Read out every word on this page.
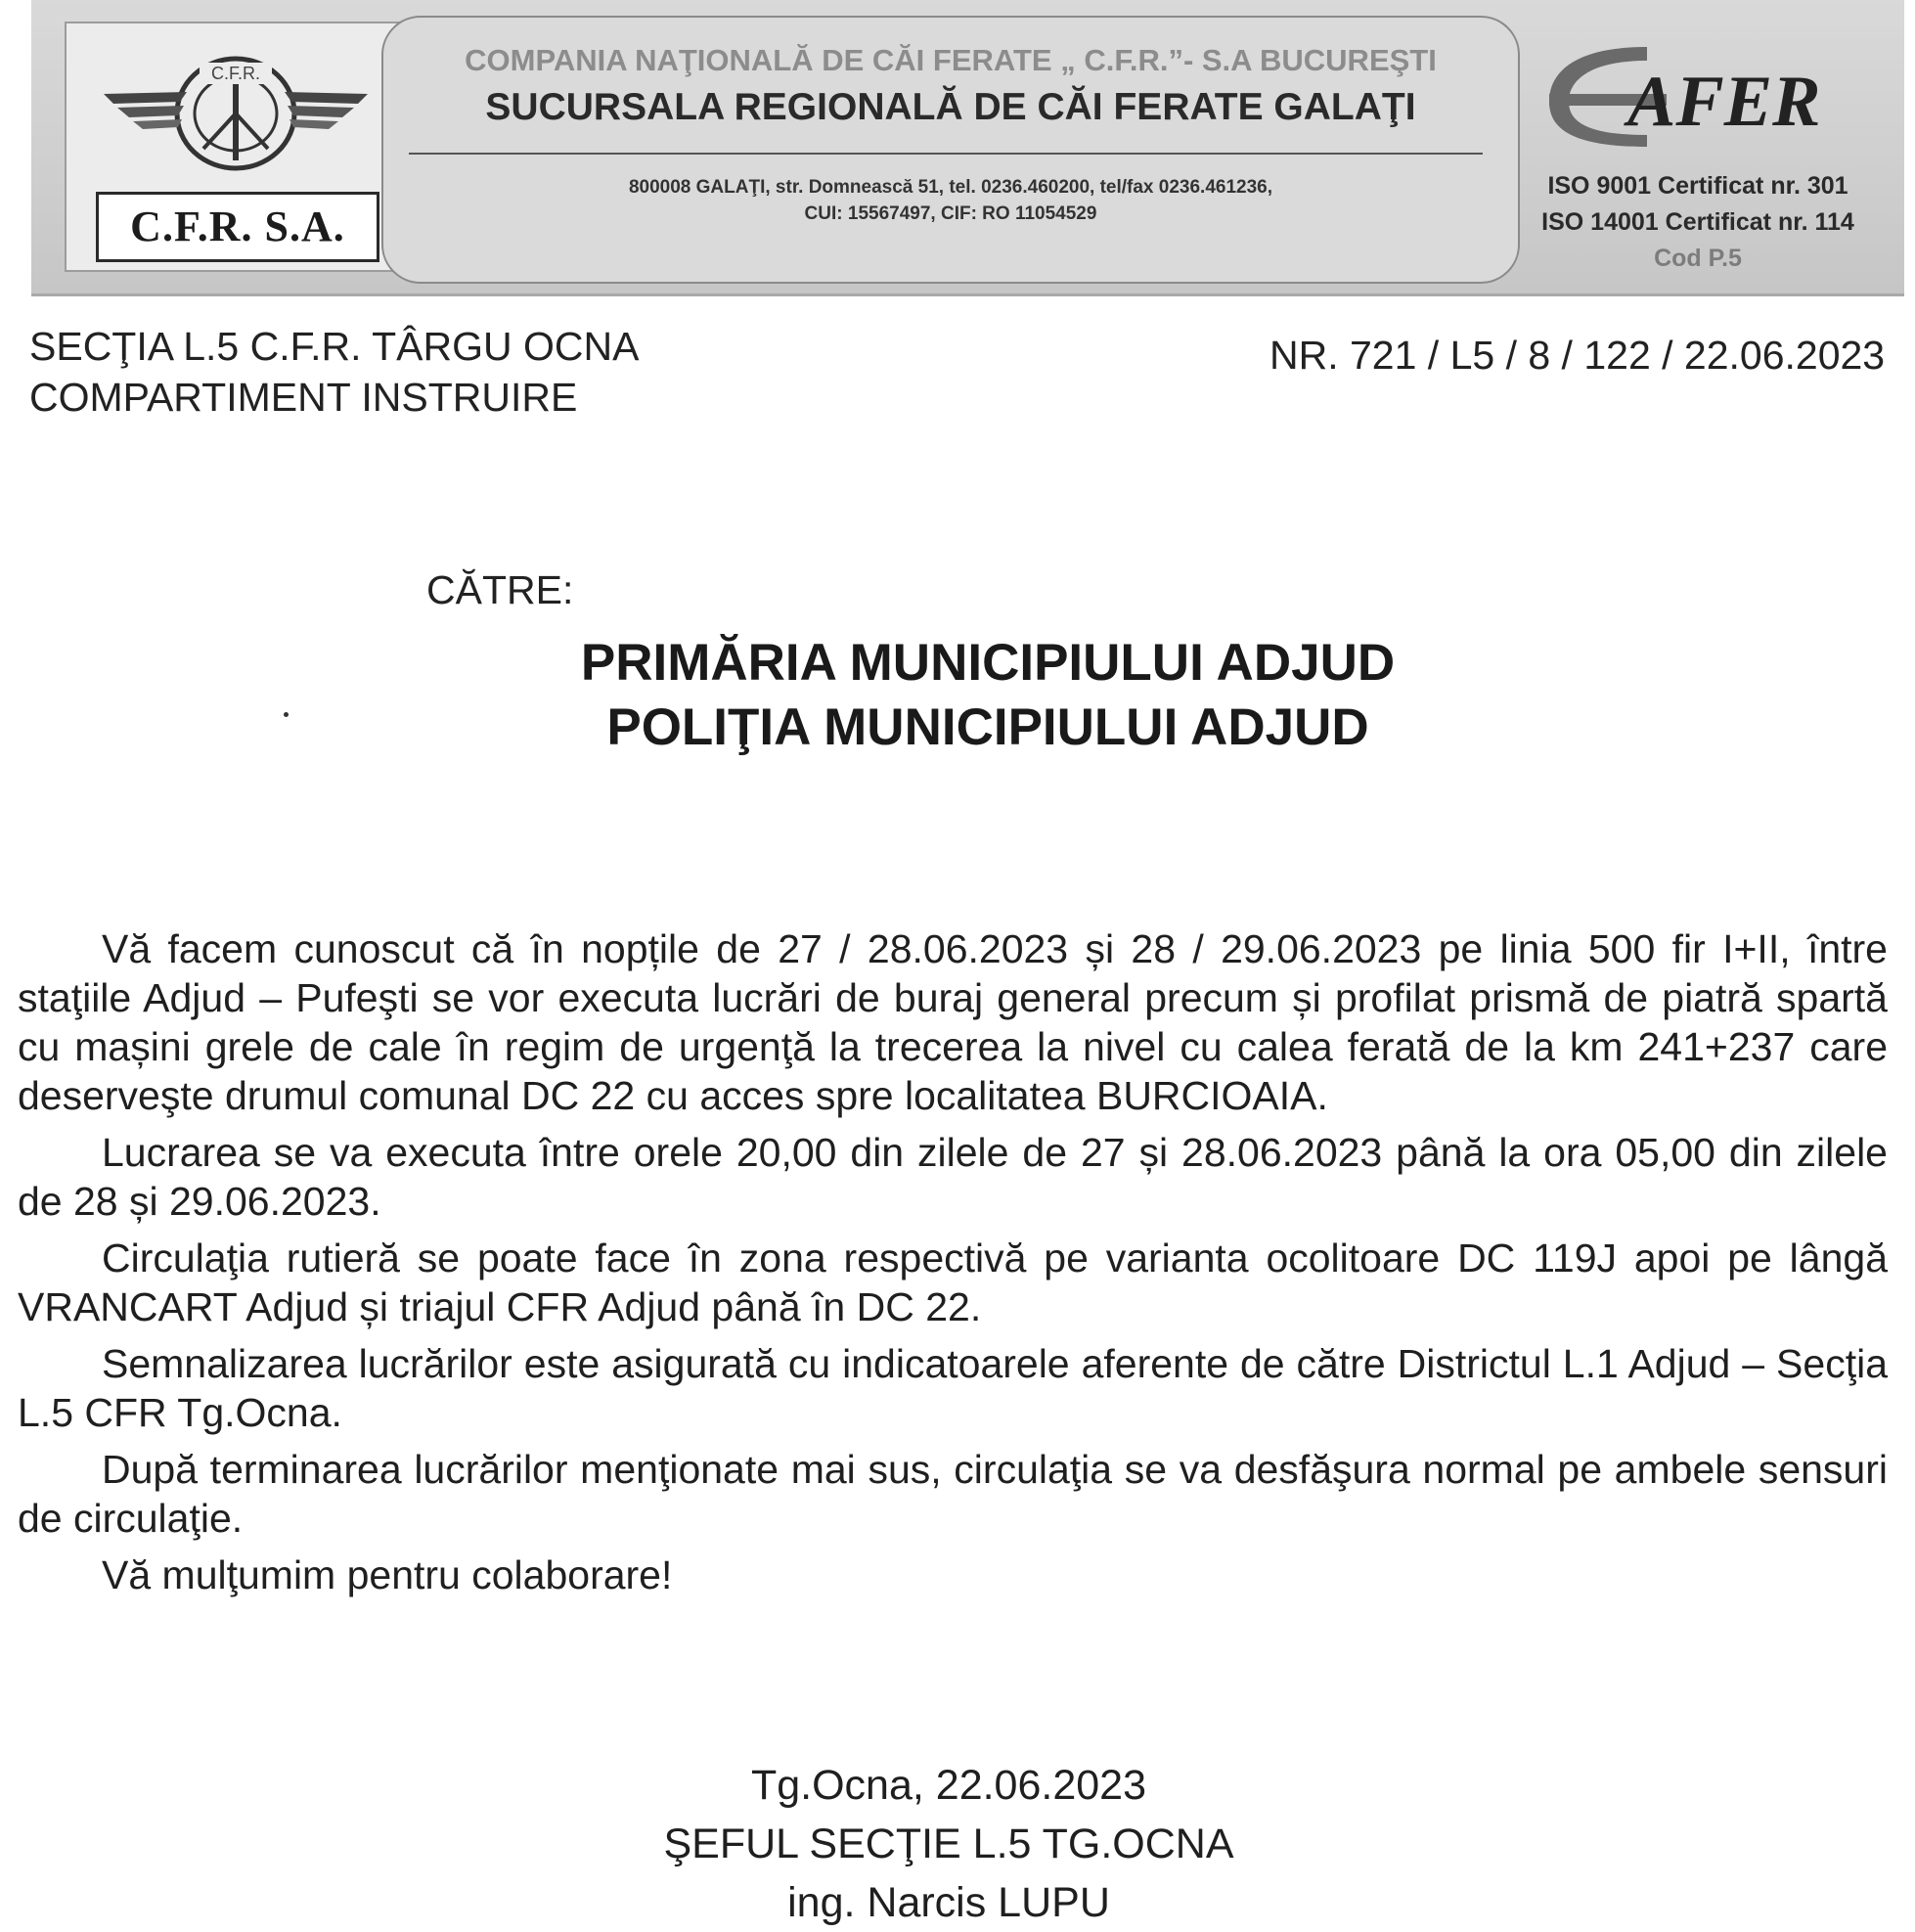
C.F.R.
C.F.R. S.A.
COMPANIA NAŢIONALĂ DE CĂI FERATE „ C.F.R.”- S.A BUCUREŞTI
SUCURSALA REGIONALĂ DE CĂI FERATE GALAŢI
800008 GALAŢI, str. Domnească 51, tel. 0236.460200, tel/fax 0236.461236,
CUI: 15567497, CIF: RO 11054529
AFER
ISO 9001 Certificat nr. 301
ISO 14001 Certificat nr. 114
Cod P.5
SECŢIA L.5 C.F.R. TÂRGU OCNA
COMPARTIMENT INSTRUIRE
NR. 721 / L5 / 8 / 122 / 22.06.2023
CĂTRE:
PRIMĂRIA MUNICIPIULUI ADJUD
POLIŢIA MUNICIPIULUI ADJUD

Vă facem cunoscut că în nopțile de 27 / 28.06.2023 și 28 / 29.06.2023 pe linia 500 fir I+II, între staţiile Adjud – Pufeşti se vor executa lucrări de buraj general precum și profilat prismă de piatră spartă cu mașini grele de cale în regim de urgenţă la trecerea la nivel cu calea ferată de la km 241+237 care deserveşte drumul comunal DC 22 cu acces spre localitatea BURCIOAIA.

Lucrarea se va executa între orele 20,00 din zilele de 27 și 28.06.2023 până la ora 05,00 din zilele de 28 și 29.06.2023.

Circulaţia rutieră se poate face în zona respectivă pe varianta ocolitoare DC 119J apoi pe lângă VRANCART Adjud și triajul CFR Adjud până în DC 22.

Semnalizarea lucrărilor este asigurată cu indicatoarele aferente de către Districtul L.1 Adjud – Secţia L.5 CFR Tg.Ocna.

După terminarea lucrărilor menţionate mai sus, circulaţia se va desfăşura normal pe ambele sensuri de circulaţie.

Vă mulţumim pentru colaborare!

Tg.Ocna, 22.06.2023
ŞEFUL SECŢIE L.5 TG.OCNA
ing. Narcis LUPU
